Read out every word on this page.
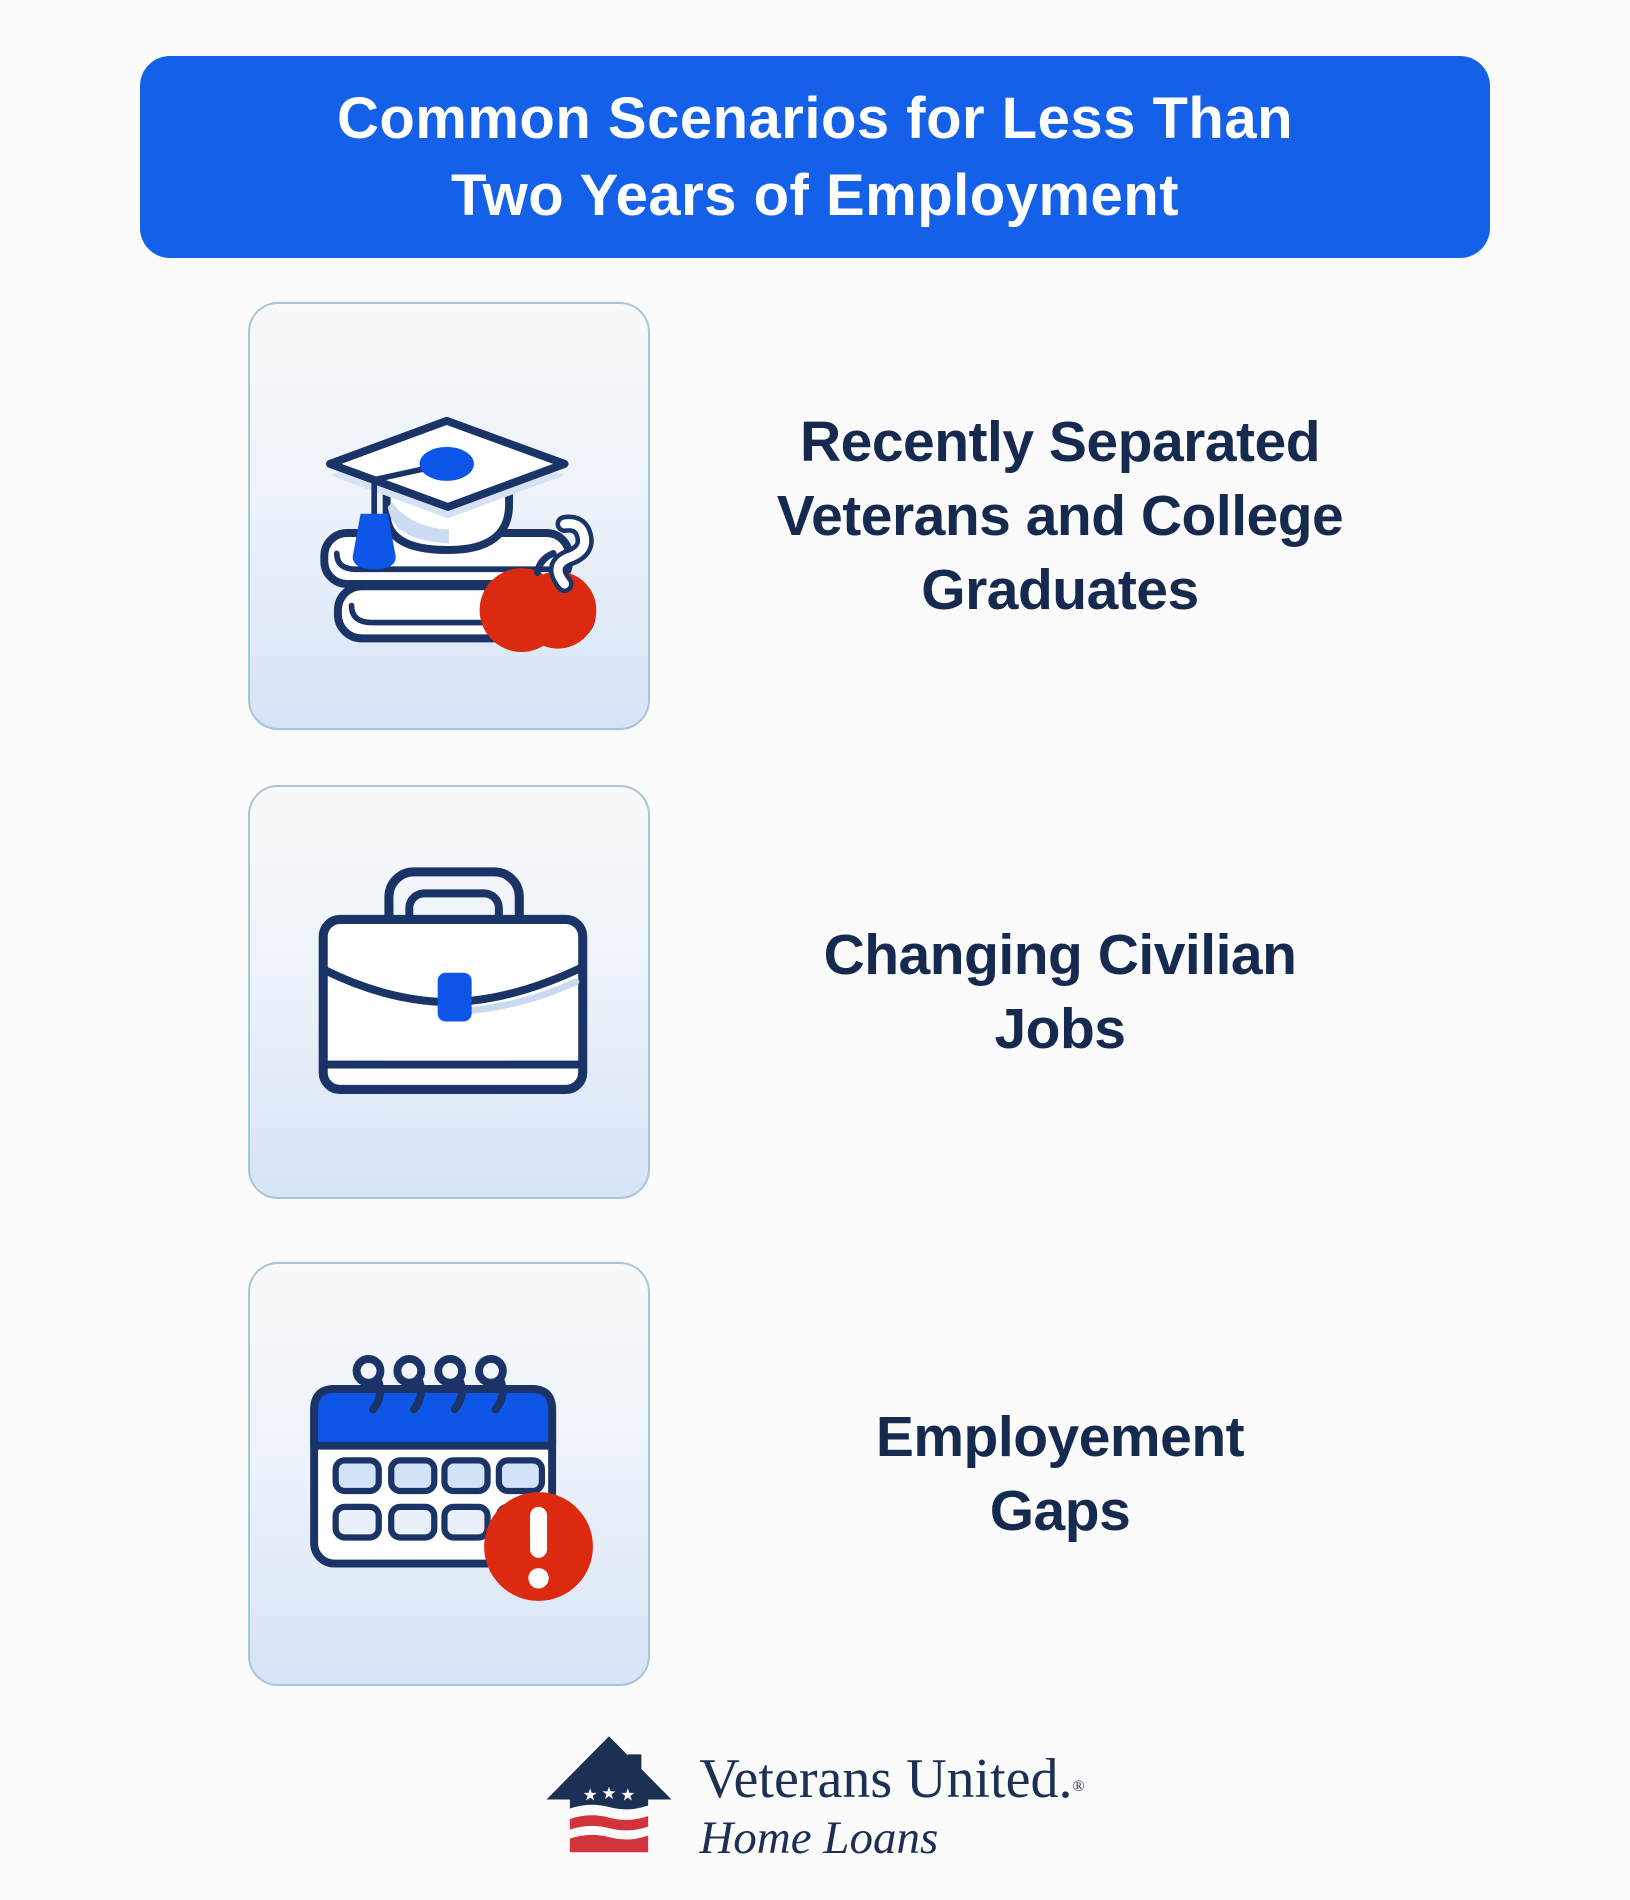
Common Scenarios for Less Than
Two Years of Employment
Recently Separated
Veterans and College
Graduates
Changing Civilian
Jobs
Employement
Gaps
Veterans United.®
Home Loans
